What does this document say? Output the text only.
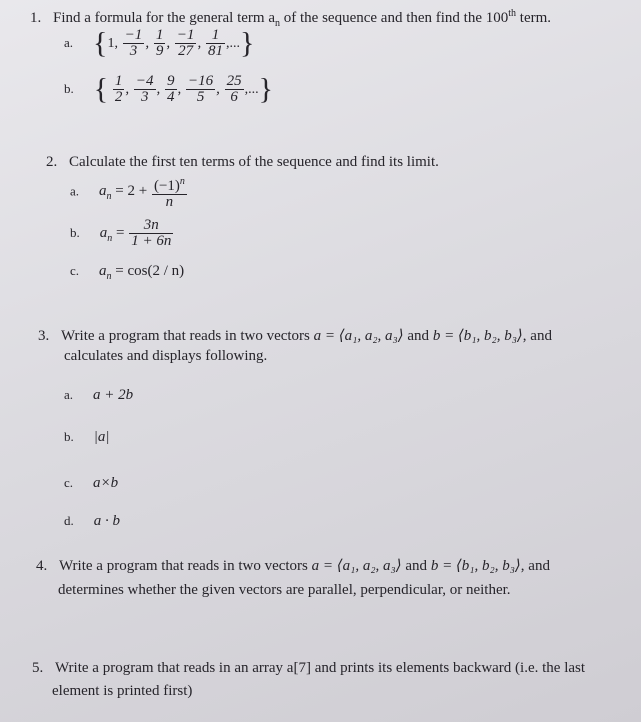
1. Find a formula for the general term $a_n$ of the sequence and then find the 100th term.
a. {1, $\frac{-1}{3}$ , $\frac{1}{9}$ , $\frac{-1}{27}$ , $\frac{1}{81}$ ,...}
b. { $\frac{1}{2}$ , $\frac{-4}{3}$ , $\frac{9}{4}$ , $\frac{-16}{5}$ , $\frac{25}{6}$ ,...}
2. Calculate the first ten terms of the sequence and find its limit.
a. $a_n = 2 + \frac{(-1)^n}{n}$
b. $a_n = \frac{3n}{1 + 6n}$
c. $a_n = \cos(2 / n)$
3. Write a program that reads in two vectors a = ⟨a₁, a₂, a₃⟩ and b = ⟨b₁, b₂, b₃⟩, and
calculates and displays following.
a. a + 2b
b. |a|
c. a×b
d. a · b
4. Write a program that reads in two vectors a = ⟨a₁, a₂, a₃⟩ and b = ⟨b₁, b₂, b₃⟩, and
determines whether the given vectors are parallel, perpendicular, or neither.
5. Write a program that reads in an array a[7] and prints its elements backward (i.e. the last
element is printed first)
